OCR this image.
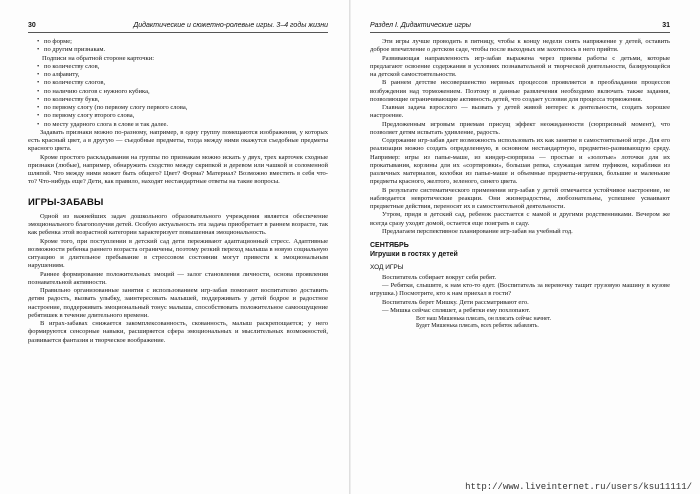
30	Дидактические и сюжетно-ролевые игры. 3–4 годы жизни
• по форме;
• по другим признакам.
Подписи на обратной стороне карточки:
• по количеству слов,
• по алфавиту,
• по количеству слогов,
• по наличию слогов с нужного кубика,
• по количеству букв,
• по первому слогу (по первому слогу первого слова,
• по первому слогу второго слова,
• по месту ударного слога в слове и так далее.

Задавать признаки можно по-разному, например, в одну группу помещаются изображения, у которых есть красный цвет, а в другую — съедобные предметы, тогда между ними окажутся съедобные предметы красного цвета.

Кроме простого раскладывания на группы по признакам можно искать у двух, трех карточек сходные признаки (любые), например, обнаружить сходство между скрипкой и деревом или чашкой и соломенной шляпой. Что между ними может быть общего? Цвет? Форма? Материал? Возможно вместить в себя что-то? Что-нибудь еще? Дети, как правило, находят нестандартные ответы на такие вопросы.

ИГРЫ-ЗАБАВЫ

Одной из важнейших задач дошкольного образовательного учреждения является обеспечение эмоционального благополучия детей. Особую актуальность эта задача приобретает в раннем возрасте, так как ребенка этой возрастной категории характеризует повышенная эмоциональность.

Кроме того, при поступлении в детский сад дети переживают адаптационный стресс. Адаптивные возможности ребенка раннего возраста ограничены, поэтому резкий переход малыша в новую социальную ситуацию и длительное пребывание в стрессовом состоянии могут привести к эмоциональным нарушениям.

Раннее формирование положительных эмоций — залог становления личности, основа проявления познавательной активности.

Правильно организованные занятия с использованием игр-забав помогают воспитателю доставить детям радость, вызвать улыбку, заинтересовать малышей, поддерживать у детей бодрое и радостное настроение, поддерживать эмоциональный тонус малыша, способствовать положительное самоощущение ребятишек в течение длительного времени.

В играх-забавах снижается закомплексованность, скованность, малыш раскрепощается; у него формируются сенсорные навыки, расширяется сфера эмоциональных и мыслительных возможностей, развивается фантазия и творческое воображение.

Раздел I. Дидактические игры	31

Эти игры лучше проводить в пятницу, чтобы к концу недели снять напряжение у детей, оставить доброе впечатление о детском саде, чтобы после выходных им захотелось в него прийти.

Развивающая направленность игр-забав выражена через приемы работы с детьми, которые предлагают освоение содержания в условиях познавательной и творческой деятельности, базирующейся на детской самостоятельности.

В раннем детстве несовершенство нервных процессов проявляется в преобладании процессов возбуждения над торможением. Поэтому в данные развлечения необходимо включать также задания, позволяющие ограничивающие активность детей, что создает условия для процесса торможения.

Главная задача взрослого — вызвать у детей живой интерес к деятельности, создать хорошее настроение.

Предложенным игровым приемам присущ эффект неожиданности (сюрпризный момент), что позволяет детям испытать удивление, радость.

Содержание игр-забав дает возможность использовать их как занятие в самостоятельной игре. Для его реализации можно создать определенную, в основном нестандартную, предметно-развивающую среду. Например: игры из папье-маше, из киндер-сюрприза — простые и «золотые» лоточки для их прокатывания, корзины для их «сортировки», большая репка, служащая затем пуфиком, кораблики из различных материалов, колобки из папье-маше и объемные предметы-игрушки, большие и маленькие предметы красного, желтого, зеленого, синего цвета.

В результате систематического применения игр-забав у детей отмечается устойчивое настроение, не наблюдается невротические реакции. Они жизнерадостны, любознательны, успешнее усваивают предметные действия, переносят их в самостоятельной деятельности.

Утром, придя в детский сад, ребенок расстается с мамой и другими родственниками. Вечером же всегда сразу уходят домой, остается еще поиграть в саду.

Предлагаем перспективное планирование игр-забав на учебный год.

СЕНТЯБРЬ
Игрушки в гостях у детей
ХОД ИГРЫ

Воспитатель собирает вокруг себя ребят.

— Ребятки, слышите, к нам кто-то едет. (Воспитатель за веревочку тащит грузовую машину в кузове игрушка.) Посмотрите, кто к нам приехал в гости?

Воспитатель берет Мишку. Дети рассматривают его.

— Мишка сейчас спляшет, а ребятки ему похлопают.

Вот наш Мишенька плясать, он плясать сейчас начнет.
Будет Мишенька плясать, всех ребяток забавлять.
http://www.liveinternet.ru/users/ksu11111/
